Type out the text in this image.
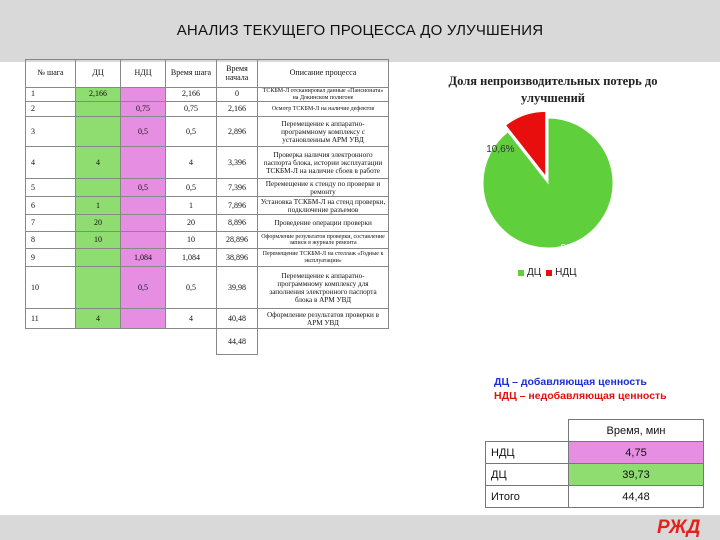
АНАЛИЗ ТЕКУЩЕГО ПРОЦЕССА ДО УЛУЧШЕНИЯ
№ шага	ДЦ	НДЦ	Время шага	Время начала	Описание процесса
1	2,166		2,166	0	ТСКБМ-Л отсканировал данные «Пансионата» на Докинском полигоне
2		0,75	0,75	2,166	Осмотр ТСКБМ-Л на наличие дефектов
3		0,5	0,5	2,896	Перемещение к аппаратно-программному комплексу с установленным АРМ УВД
4	4		4	3,396	Проверка наличия электронного паспорта блока, истории эксплуатации ТСКБМ-Л на наличие сбоев в работе
5		0,5	0,5	7,396	Перемещение к стенду по проверке и ремонту
6	1		1	7,896	Установка ТСКБМ-Л на стенд проверки, подключение разъемов
7	20		20	8,896	Проведение операции проверки
8	10		10	28,896	Оформление результатов проверки, составление записи в журнале ремонта
9		1,084	1,084	38,896	Перемещение ТСКБМ-Л на стеллаж «Годные к эксплуатации»
10		0,5	0,5	39,98	Перемещение к аппаратно-программному комплексу для заполнения электронного паспорта блока в АРМ УВД
11	4		4	40,48	Оформление результатов проверки в АРМ УВД
				44,48	
Доля непроизводительных потерь до улучшений
89,4%
10,6%
ДЦ НДЦ
ДЦ – добавляющая ценность
НДЦ – недобавляющая ценность
	Время, мин
НДЦ	4,75
ДЦ	39,73
Итого	44,48
РЖД
